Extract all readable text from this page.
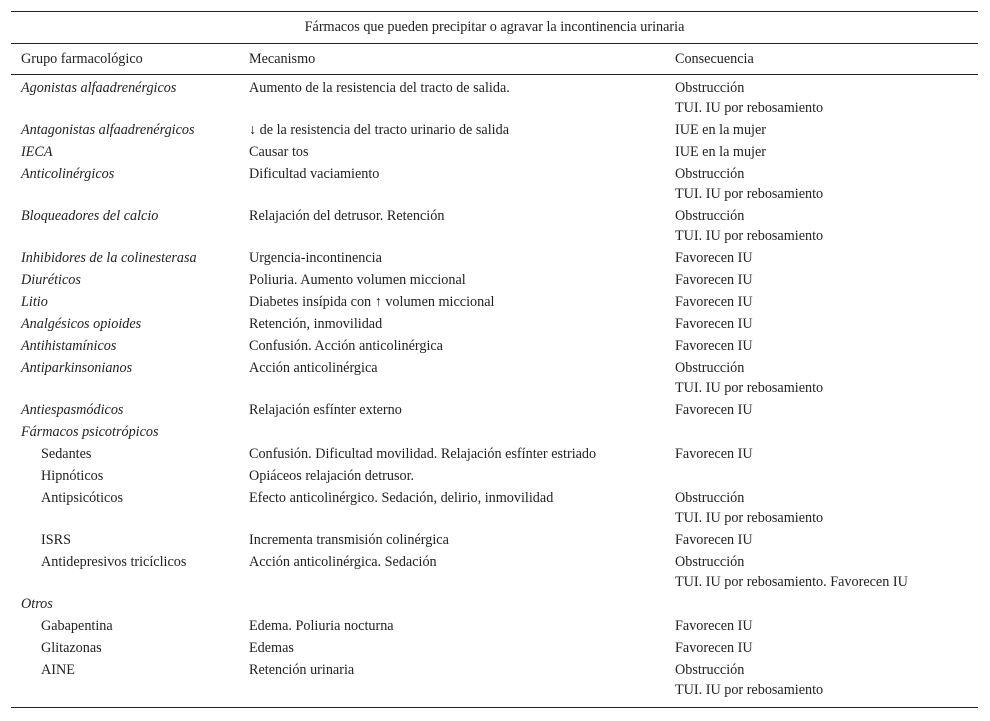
Fármacos que pueden precipitar o agravar la incontinencia urinaria
Grupo farmacológico	Mecanismo	Consecuencia
Agonistas alfaadrenérgicos	Aumento de la resistencia del tracto de salida.	Obstrucción
TUI. IU por rebosamiento
Antagonistas alfaadrenérgicos	↓ de la resistencia del tracto urinario de salida	IUE en la mujer
IECA	Causar tos	IUE en la mujer
Anticolinérgicos	Dificultad vaciamiento	Obstrucción
TUI. IU por rebosamiento
Bloqueadores del calcio	Relajación del detrusor. Retención	Obstrucción
TUI. IU por rebosamiento
Inhibidores de la colinesterasa	Urgencia-incontinencia	Favorecen IU
Diuréticos	Poliuria. Aumento volumen miccional	Favorecen IU
Litio	Diabetes insípida con ↑ volumen miccional	Favorecen IU
Analgésicos opioides	Retención, inmovilidad	Favorecen IU
Antihistamínicos	Confusión. Acción anticolinérgica	Favorecen IU
Antiparkinsonianos	Acción anticolinérgica	Obstrucción
TUI. IU por rebosamiento
Antiespasmódicos	Relajación esfínter externo	Favorecen IU
Fármacos psicotrópicos
Sedantes	Confusión. Dificultad movilidad. Relajación esfínter estriado	Favorecen IU
Hipnóticos	Opiáceos relajación detrusor.
Antipsicóticos	Efecto anticolinérgico. Sedación, delirio, inmovilidad	Obstrucción
TUI. IU por rebosamiento
ISRS	Incrementa transmisión colinérgica	Favorecen IU
Antidepresivos tricíclicos	Acción anticolinérgica. Sedación	Obstrucción
TUI. IU por rebosamiento. Favorecen IU
Otros
Gabapentina	Edema. Poliuria nocturna	Favorecen IU
Glitazonas	Edemas	Favorecen IU
AINE	Retención urinaria	Obstrucción
TUI. IU por rebosamiento
